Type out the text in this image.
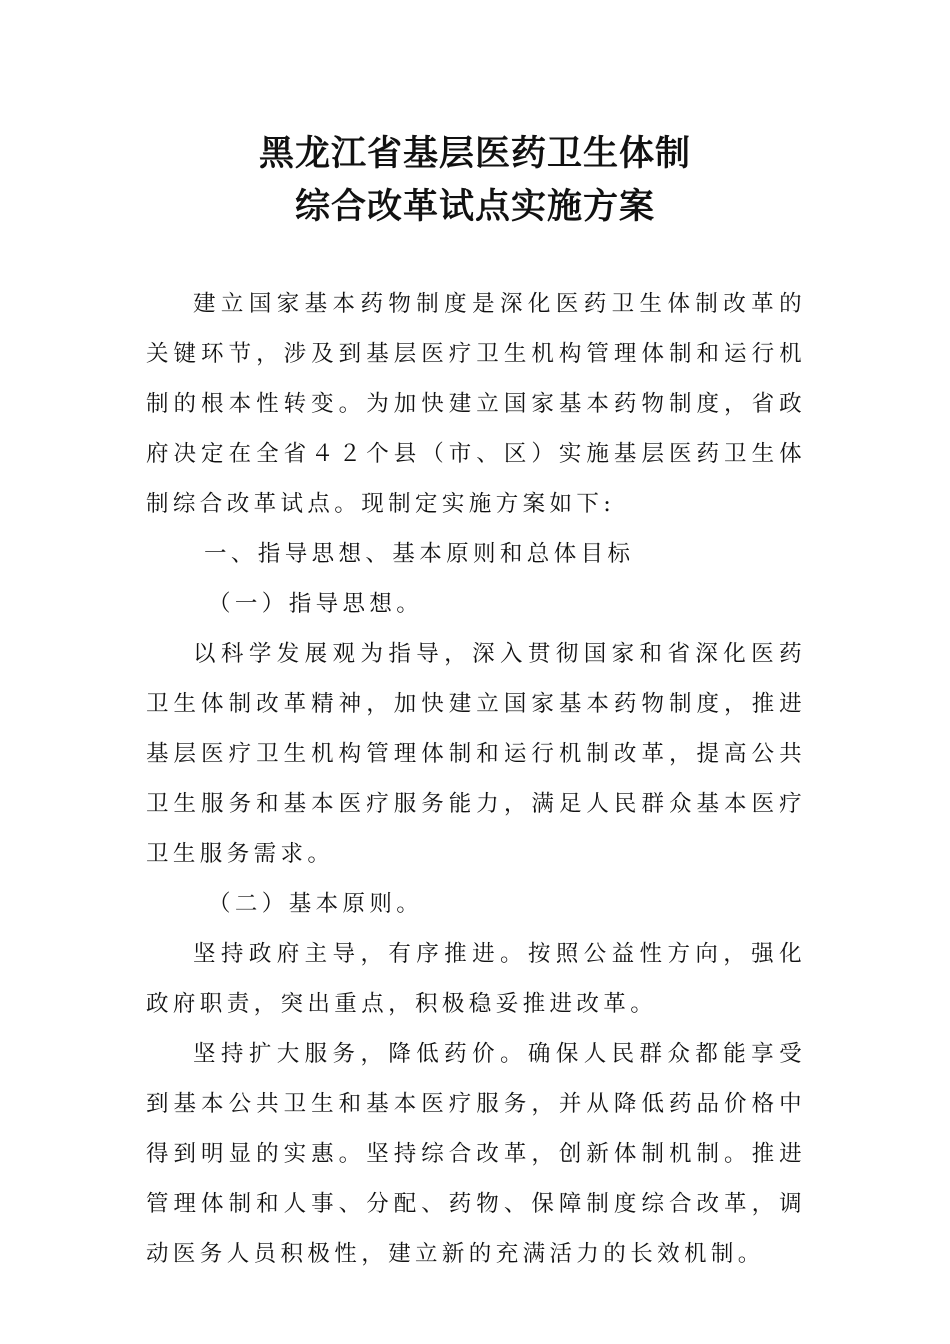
黑龙江省基层医药卫生体制
综合改革试点实施方案

建立国家基本药物制度是深化医药卫生体制改革的关键环节，涉及到基层医疗卫生机构管理体制和运行机制的根本性转变。为加快建立国家基本药物制度，省政府决定在全省４２个县（市、区）实施基层医药卫生体制综合改革试点。现制定实施方案如下:

一、指导思想、基本原则和总体目标

（一）指导思想。

以科学发展观为指导，深入贯彻国家和省深化医药卫生体制改革精神，加快建立国家基本药物制度，推进基层医疗卫生机构管理体制和运行机制改革，提高公共卫生服务和基本医疗服务能力，满足人民群众基本医疗卫生服务需求。

（二）基本原则。

坚持政府主导，有序推进。按照公益性方向，强化政府职责，突出重点，积极稳妥推进改革。

坚持扩大服务，降低药价。确保人民群众都能享受到基本公共卫生和基本医疗服务，并从降低药品价格中得到明显的实惠。坚持综合改革，创新体制机制。推进管理体制和人事、分配、药物、保障制度综合改革，调动医务人员积极性，建立新的充满活力的长效机制。
